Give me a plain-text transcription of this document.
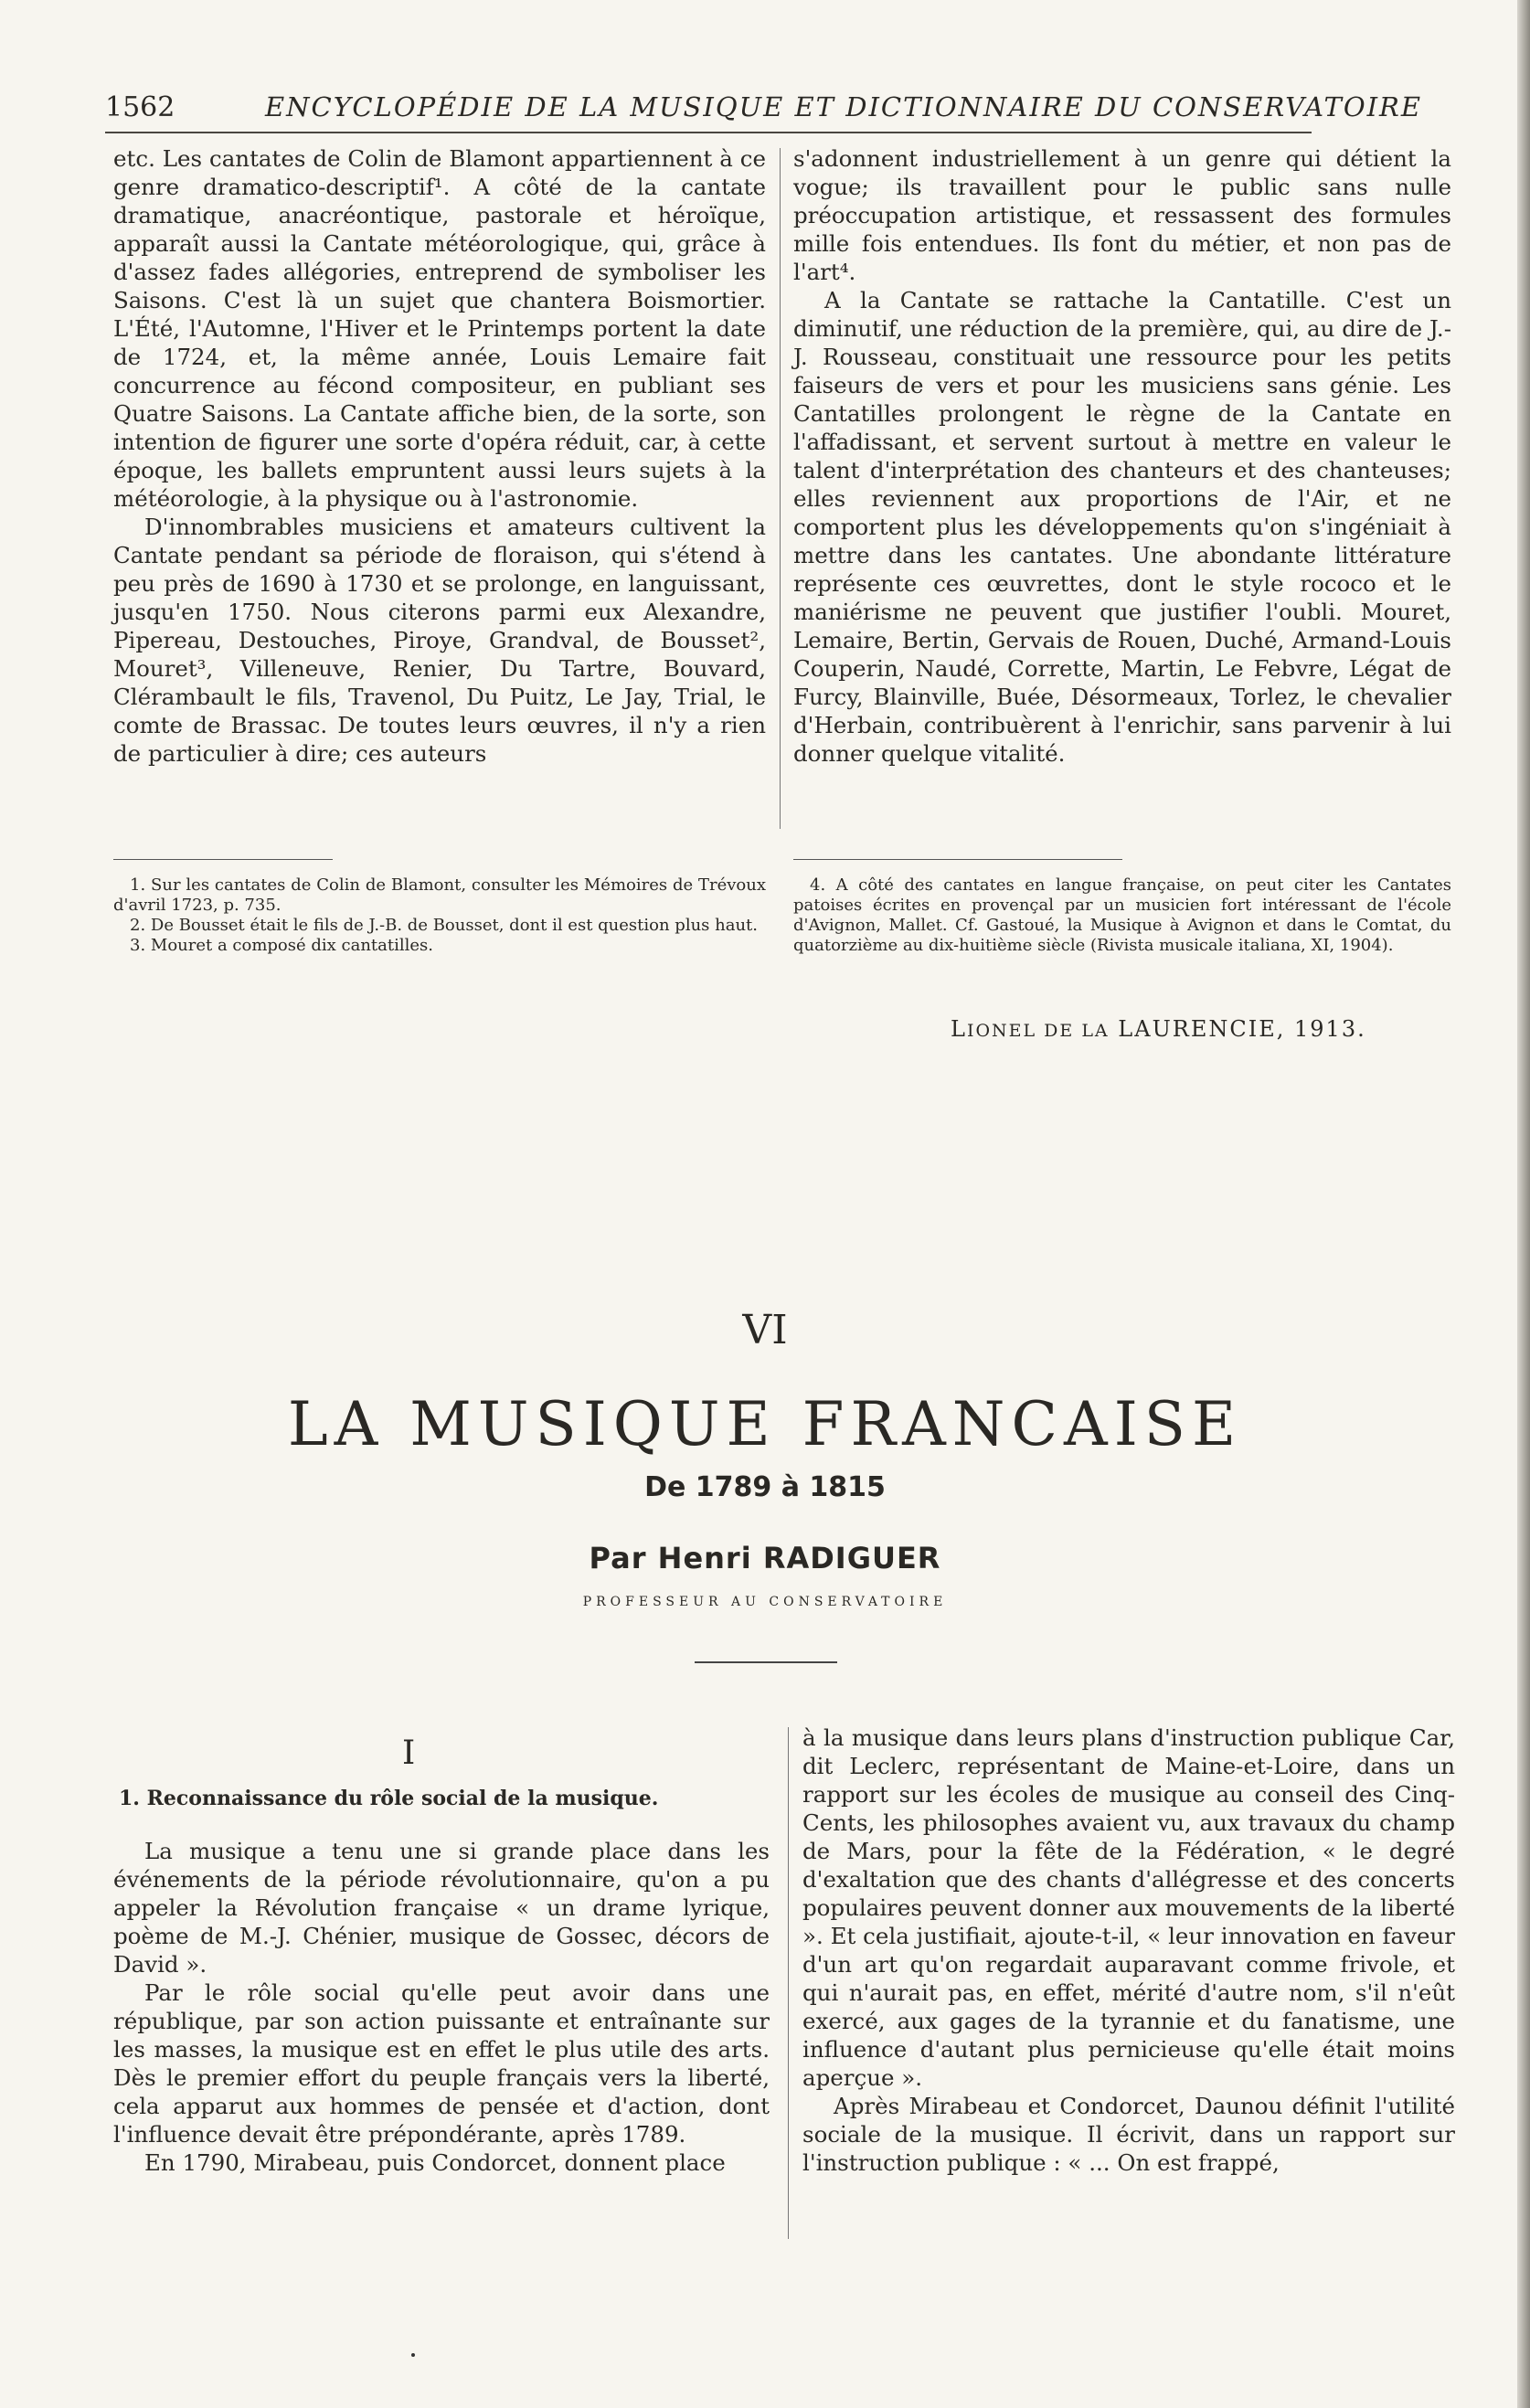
1562	ENCYCLOPÉDIE DE LA MUSIQUE ET DICTIONNAIRE DU CONSERVATOIRE

etc. Les cantates de Colin de Blamont appartiennent à ce genre dramatico-descriptif¹. A côté de la cantate dramatique, anacréontique, pastorale et héroïque, apparaît aussi la Cantate météorologique, qui, grâce à d'assez fades allégories, entreprend de symboliser les Saisons. C'est là un sujet que chantera Boismortier. L'Été, l'Automne, l'Hiver et le Printemps portent la date de 1724, et, la même année, Louis Lemaire fait concurrence au fécond compositeur, en publiant ses Quatre Saisons. La Cantate affiche bien, de la sorte, son intention de figurer une sorte d'opéra réduit, car, à cette époque, les ballets empruntent aussi leurs sujets à la météorologie, à la physique ou à l'astronomie.

D'innombrables musiciens et amateurs cultivent la Cantate pendant sa période de floraison, qui s'étend à peu près de 1690 à 1730 et se prolonge, en languissant, jusqu'en 1750. Nous citerons parmi eux Alexandre, Pipereau, Destouches, Piroye, Grandval, de Bousset², Mouret³, Villeneuve, Renier, Du Tartre, Bouvard, Clérambault le fils, Travenol, Du Puitz, Le Jay, Trial, le comte de Brassac. De toutes leurs œuvres, il n'y a rien de particulier à dire; ces auteurs

s'adonnent industriellement à un genre qui détient la vogue; ils travaillent pour le public sans nulle préoccupation artistique, et ressassent des formules mille fois entendues. Ils font du métier, et non pas de l'art⁴.

A la Cantate se rattache la Cantatille. C'est un diminutif, une réduction de la première, qui, au dire de J.-J. Rousseau, constituait une ressource pour les petits faiseurs de vers et pour les musiciens sans génie. Les Cantatilles prolongent le règne de la Cantate en l'affadissant, et servent surtout à mettre en valeur le talent d'interprétation des chanteurs et des chanteuses; elles reviennent aux proportions de l'Air, et ne comportent plus les développements qu'on s'ingéniait à mettre dans les cantates. Une abondante littérature représente ces œuvrettes, dont le style rococo et le maniérisme ne peuvent que justifier l'oubli. Mouret, Lemaire, Bertin, Gervais de Rouen, Duché, Armand-Louis Couperin, Naudé, Corrette, Martin, Le Febvre, Légat de Furcy, Blainville, Buée, Désormeaux, Torlez, le chevalier d'Herbain, contribuèrent à l'enrichir, sans parvenir à lui donner quelque vitalité.

1. Sur les cantates de Colin de Blamont, consulter les Mémoires de Trévoux d'avril 1723, p. 735.

2. De Bousset était le fils de J.-B. de Bousset, dont il est question plus haut.

3. Mouret a composé dix cantatilles.

4. A côté des cantates en langue française, on peut citer les Cantates patoises écrites en provençal par un musicien fort intéressant de l'école d'Avignon, Mallet. Cf. Gastoué, la Musique à Avignon et dans le Comtat, du quatorzième au dix-huitième siècle (Rivista musicale italiana, XI, 1904).

LIONEL DE LA LAURENCIE, 1913.
VI
LA MUSIQUE FRANCAISE
De 1789 à 1815
Par Henri RADIGUER
PROFESSEUR AU CONSERVATOIRE
I
1. Reconnaissance du rôle social de la musique.

La musique a tenu une si grande place dans les événements de la période révolutionnaire, qu'on a pu appeler la Révolution française « un drame lyrique, poème de M.-J. Chénier, musique de Gossec, décors de David ».

Par le rôle social qu'elle peut avoir dans une république, par son action puissante et entraînante sur les masses, la musique est en effet le plus utile des arts. Dès le premier effort du peuple français vers la liberté, cela apparut aux hommes de pensée et d'action, dont l'influence devait être prépondérante, après 1789.

En 1790, Mirabeau, puis Condorcet, donnent place

à la musique dans leurs plans d'instruction publique Car, dit Leclerc, représentant de Maine-et-Loire, dans un rapport sur les écoles de musique au conseil des Cinq-Cents, les philosophes avaient vu, aux travaux du champ de Mars, pour la fête de la Fédération, « le degré d'exaltation que des chants d'allégresse et des concerts populaires peuvent donner aux mouvements de la liberté ». Et cela justifiait, ajoute-t-il, « leur innovation en faveur d'un art qu'on regardait auparavant comme frivole, et qui n'aurait pas, en effet, mérité d'autre nom, s'il n'eût exercé, aux gages de la tyrannie et du fanatisme, une influence d'autant plus pernicieuse qu'elle était moins aperçue ».

Après Mirabeau et Condorcet, Daunou définit l'utilité sociale de la musique. Il écrivit, dans un rapport sur l'instruction publique : « ... On est frappé,
